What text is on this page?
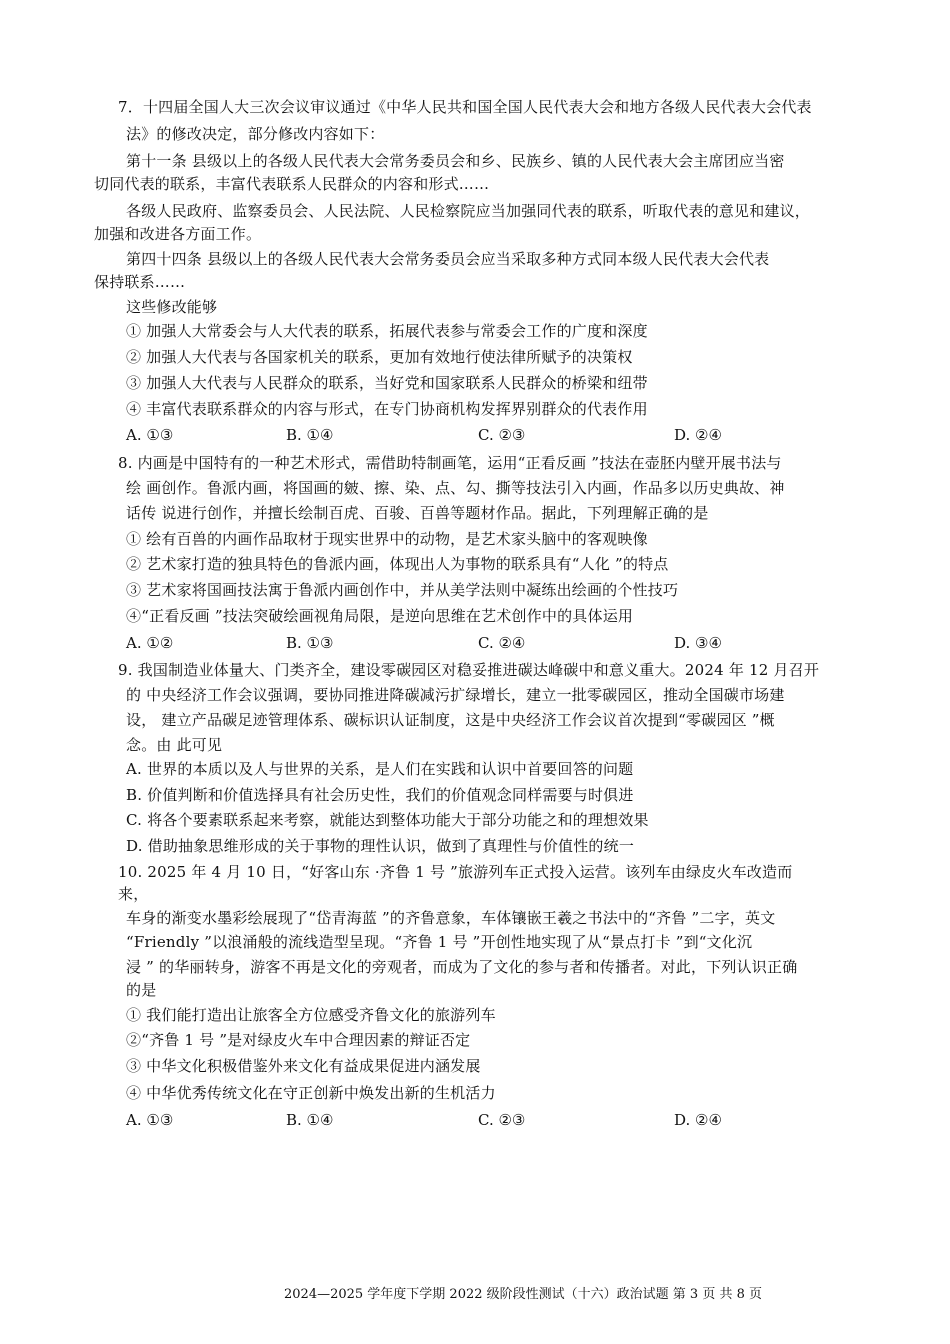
7．十四届全国人大三次会议审议通过《中华人民共和国全国人民代表大会和地方各级人民代表大会代表
法》的修改决定，部分修改内容如下：
第十一条 县级以上的各级人民代表大会常务委员会和乡、民族乡、镇的人民代表大会主席团应当密
切同代表的联系，丰富代表联系人民群众的内容和形式……
各级人民政府、监察委员会、人民法院、人民检察院应当加强同代表的联系，听取代表的意见和建议，
加强和改进各方面工作。
第四十四条 县级以上的各级人民代表大会常务委员会应当采取多种方式同本级人民代表大会代表
保持联系……
这些修改能够
① 加强人大常委会与人大代表的联系，拓展代表参与常委会工作的广度和深度
② 加强人大代表与各国家机关的联系，更加有效地行使法律所赋予的决策权
③ 加强人大代表与人民群众的联系，当好党和国家联系人民群众的桥梁和纽带
④ 丰富代表联系群众的内容与形式，在专门协商机构发挥界别群众的代表作用
A. ①③	B. ①④	C. ②③	D. ②④
8. 内画是中国特有的一种艺术形式，需借助特制画笔，运用“正看反画 ”技法在壶胚内壁开展书法与
绘 画创作。鲁派内画，将国画的皴、擦、染、点、勾、撕等技法引入内画，作品多以历史典故、神
话传 说进行创作，并擅长绘制百虎、百骏、百兽等题材作品。据此，下列理解正确的是
① 绘有百兽的内画作品取材于现实世界中的动物，是艺术家头脑中的客观映像
② 艺术家打造的独具特色的鲁派内画，体现出人为事物的联系具有“人化 ”的特点
③ 艺术家将国画技法寓于鲁派内画创作中，并从美学法则中凝练出绘画的个性技巧
④“正看反画 ”技法突破绘画视角局限，是逆向思维在艺术创作中的具体运用
A. ①②	B. ①③	C. ②④	D. ③④
9. 我国制造业体量大、门类齐全，建设零碳园区对稳妥推进碳达峰碳中和意义重大。2024 年 12 月召开
的 中央经济工作会议强调，要协同推进降碳减污扩绿增长，建立一批零碳园区，推动全国碳市场建
设， 建立产品碳足迹管理体系、碳标识认证制度，这是中央经济工作会议首次提到“零碳园区 ”概
念。由 此可见
A. 世界的本质以及人与世界的关系，是人们在实践和认识中首要回答的问题
B. 价值判断和价值选择具有社会历史性，我们的价值观念同样需要与时俱进
C. 将各个要素联系起来考察，就能达到整体功能大于部分功能之和的理想效果
D. 借助抽象思维形成的关于事物的理性认识，做到了真理性与价值性的统一
10. 2025 年 4 月 10 日，“好客山东 ·齐鲁 1 号 ”旅游列车正式投入运营。该列车由绿皮火车改造而
来，
车身的渐变水墨彩绘展现了“岱青海蓝 ”的齐鲁意象，车体镶嵌王羲之书法中的“齐鲁 ”二字，英文
“Friendly ”以浪涌般的流线造型呈现。“齐鲁 1 号 ”开创性地实现了从“景点打卡 ”到“文化沉
浸 ” 的华丽转身，游客不再是文化的旁观者，而成为了文化的参与者和传播者。对此，下列认识正确
的是
① 我们能打造出让旅客全方位感受齐鲁文化的旅游列车
②“齐鲁 1 号 ”是对绿皮火车中合理因素的辩证否定
③ 中华文化积极借鉴外来文化有益成果促进内涵发展
④ 中华优秀传统文化在守正创新中焕发出新的生机活力
A. ①③	B. ①④	C. ②③	D. ②④
2024—2025 学年度下学期 2022 级阶段性测试（十六）政治试题 第 3 页 共 8 页
